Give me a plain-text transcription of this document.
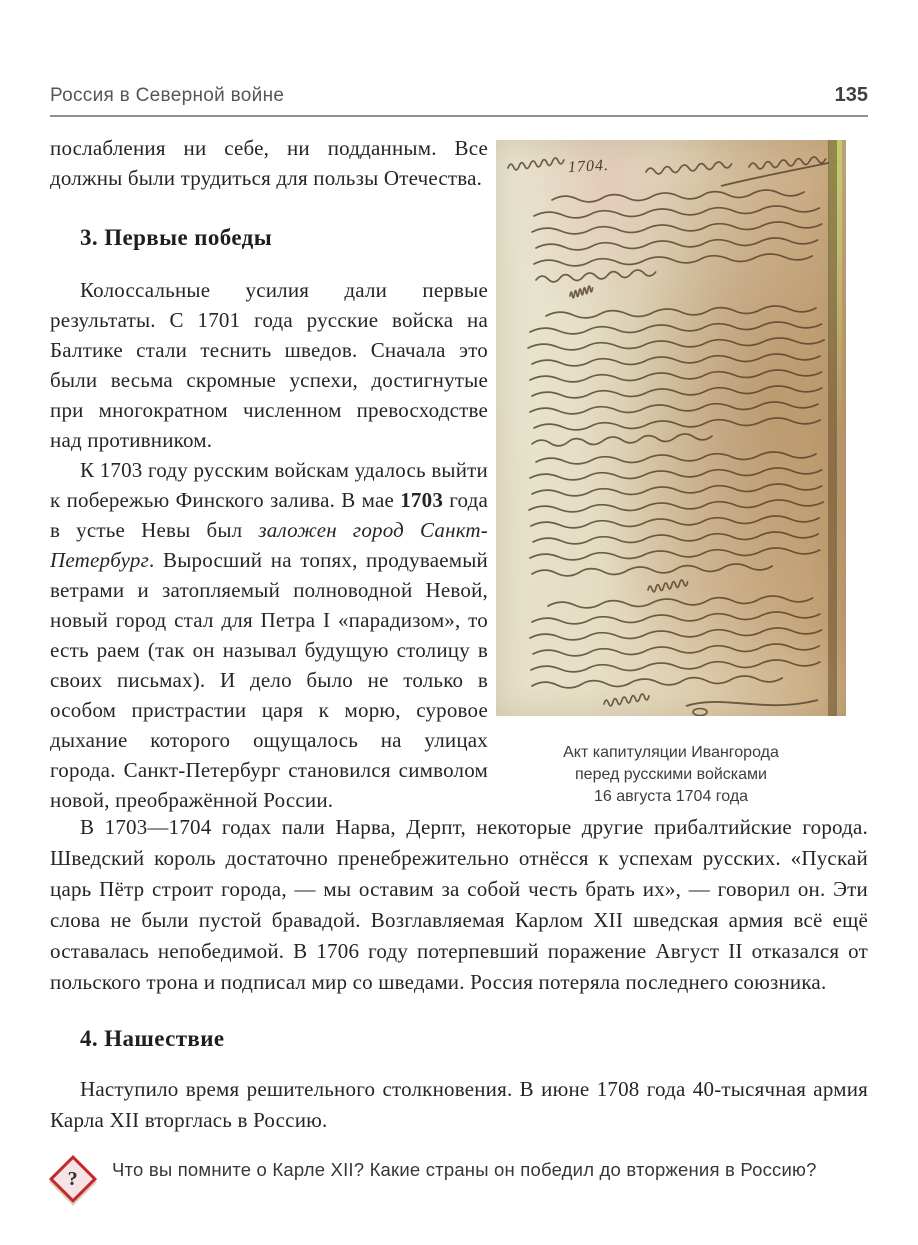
Россия в Северной войне	135

послабления ни себе, ни подданным. Все должны были трудиться для пользы Отечества.

3. Первые победы

Колоссальные усилия дали первые результаты. С 1701 года русские войска на Балтике стали теснить шведов. Сначала это были весьма скромные успехи, достигнутые при многократном численном превосходстве над противником.

К 1703 году русским войскам удалось выйти к побережью Финского залива. В мае 1703 года в устье Невы был заложен город Санкт-Петербург. Выросший на топях, продуваемый ветрами и затопляемый полноводной Невой, новый город стал для Петра I «парадизом», то есть раем (так он называл будущую столицу в своих письмах). И дело было не только в особом пристрастии царя к морю, суровое дыхание которого ощущалось на улицах города. Санкт-Петербург становился символом новой, преображённой России.

1704.
Акт капитуляции Ивангорода
перед русскими войсками
16 августа 1704 года

В 1703—1704 годах пали Нарва, Дерпт, некоторые другие прибалтийские города. Шведский король достаточно пренебрежительно отнёсся к успехам русских. «Пускай царь Пётр строит города, — мы оставим за собой честь брать их», — говорил он. Эти слова не были пустой бравадой. Возглавляемая Карлом XII шведская армия всё ещё оставалась непобедимой. В 1706 году потерпевший поражение Август II отказался от польского трона и подписал мир со шведами. Россия потеряла последнего союзника.

4. Нашествие

Наступило время решительного столкновения. В июне 1708 года 40-тысячная армия Карла XII вторглась в Россию.

? Что вы помните о Карле XII? Какие страны он победил до вторжения в Россию?
